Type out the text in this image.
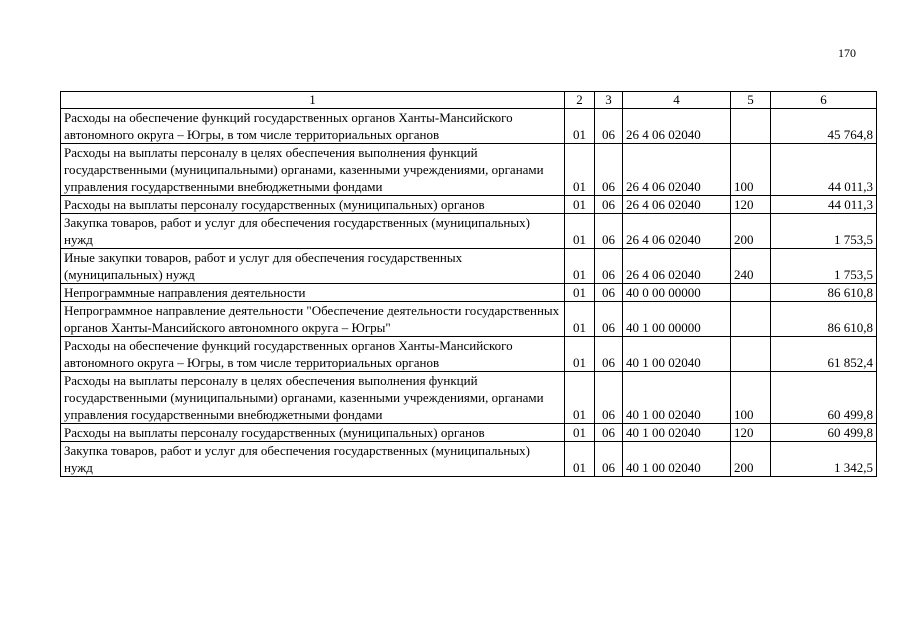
170
1	2	3	4	5	6
Расходы на обеспечение функций государственных органов Ханты-Мансийского автономного округа – Югры, в том числе территориальных органов	01	06	26 4 06 02040		45 764,8
Расходы на выплаты персоналу в целях обеспечения выполнения функций государственными (муниципальными) органами, казенными учреждениями, органами управления государственными внебюджетными фондами	01	06	26 4 06 02040	100	44 011,3
Расходы на выплаты персоналу государственных (муниципальных) органов	01	06	26 4 06 02040	120	44 011,3
Закупка товаров, работ и услуг для обеспечения государственных (муниципальных) нужд	01	06	26 4 06 02040	200	1 753,5
Иные закупки товаров, работ и услуг для обеспечения государственных (муниципальных) нужд	01	06	26 4 06 02040	240	1 753,5
Непрограммные направления деятельности	01	06	40 0 00 00000		86 610,8
Непрограммное направление деятельности "Обеспечение деятельности государственных органов Ханты-Мансийского автономного округа – Югры"	01	06	40 1 00 00000		86 610,8
Расходы на обеспечение функций государственных органов Ханты-Мансийского автономного округа – Югры, в том числе территориальных органов	01	06	40 1 00 02040		61 852,4
Расходы на выплаты персоналу в целях обеспечения выполнения функций государственными (муниципальными) органами, казенными учреждениями, органами управления государственными внебюджетными фондами	01	06	40 1 00 02040	100	60 499,8
Расходы на выплаты персоналу государственных (муниципальных) органов	01	06	40 1 00 02040	120	60 499,8
Закупка товаров, работ и услуг для обеспечения государственных (муниципальных) нужд	01	06	40 1 00 02040	200	1 342,5
